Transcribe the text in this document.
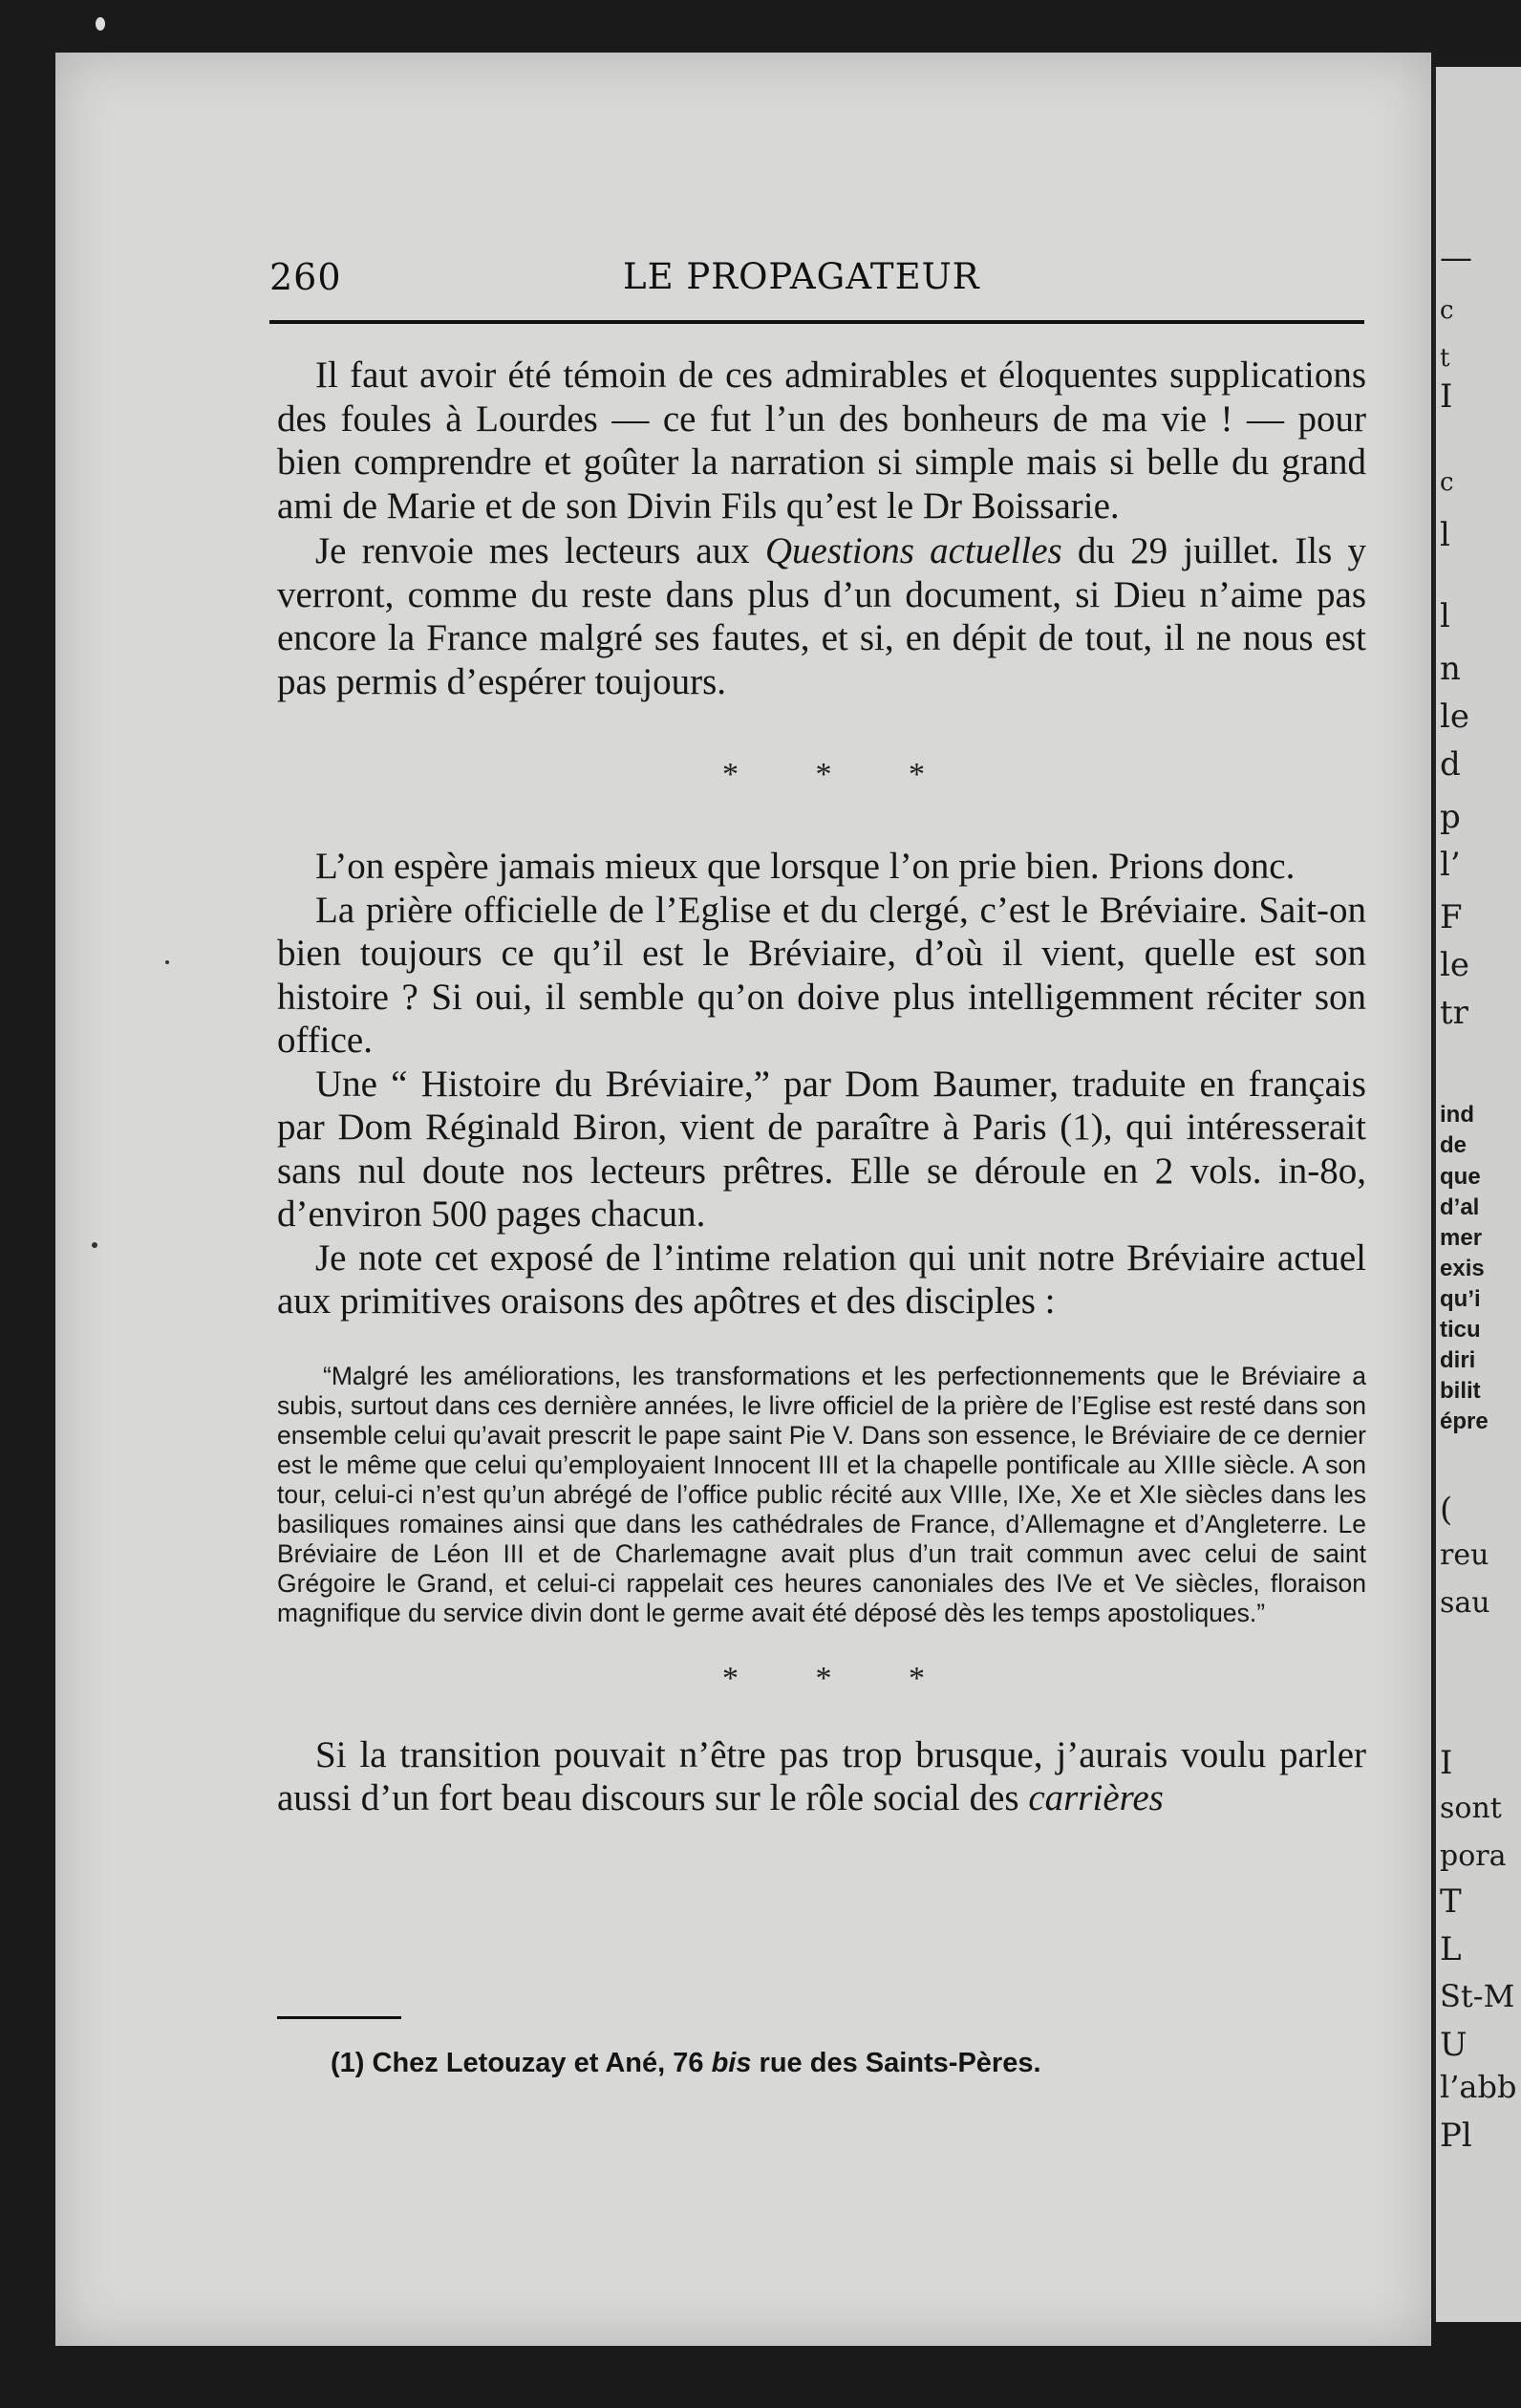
—
c
t
I
c
l
l
n
le
d
p
l’
F
le
tr
ind
de
que
d’al
mer
exis
qu’i
ticu
diri
bilit
épre
(
reu
sau
I
sont
pora
T
L
St-M
U
l’abb
Pl
260	LE PROPAGATEUR

Il faut avoir été témoin de ces admirables et éloquentes supplications des foules à Lourdes — ce fut l’un des bonheurs de ma vie ! — pour bien comprendre et goûter la narration si simple mais si belle du grand ami de Marie et de son Divin Fils qu’est le Dr Boissarie.

Je renvoie mes lecteurs aux Questions actuelles du 29 juillet. Ils y verront, comme du reste dans plus d’un document, si Dieu n’aime pas encore la France malgré ses fautes, et si, en dépit de tout, il ne nous est pas permis d’espérer toujours.

* * *

L’on espère jamais mieux que lorsque l’on prie bien. Prions donc.

La prière officielle de l’Eglise et du clergé, c’est le Bréviaire. Sait-on bien toujours ce qu’il est le Bréviaire, d’où il vient, quelle est son histoire ? Si oui, il semble qu’on doive plus intelligemment réciter son office.

Une “ Histoire du Bréviaire,” par Dom Baumer, traduite en français par Dom Réginald Biron, vient de paraître à Paris (1), qui intéresserait sans nul doute nos lecteurs prêtres. Elle se déroule en 2 vols. in-8o, d’environ 500 pages chacun.

Je note cet exposé de l’intime relation qui unit notre Bréviaire actuel aux primitives oraisons des apôtres et des disciples :

“Malgré les améliorations, les transformations et les perfectionnements que le Bréviaire a subis, surtout dans ces dernière années, le livre officiel de la prière de l’Eglise est resté dans son ensemble celui qu’avait prescrit le pape saint Pie V. Dans son essence, le Bréviaire de ce dernier est le même que celui qu’employaient Innocent III et la chapelle pontificale au XIIIe siècle. A son tour, celui-ci n’est qu’un abrégé de l’office public récité aux VIIIe, IXe, Xe et XIe siècles dans les basiliques romaines ainsi que dans les cathédrales de France, d’Allemagne et d’Angleterre. Le Bréviaire de Léon III et de Charlemagne avait plus d’un trait commun avec celui de saint Grégoire le Grand, et celui-ci rappelait ces heures canoniales des IVe et Ve siècles, floraison magnifique du service divin dont le germe avait été déposé dès les temps apostoliques.”

* * *

Si la transition pouvait n’être pas trop brusque, j’aurais voulu parler aussi d’un fort beau discours sur le rôle social des carrières

(1) Chez Letouzay et Ané, 76 bis rue des Saints-Pères.
